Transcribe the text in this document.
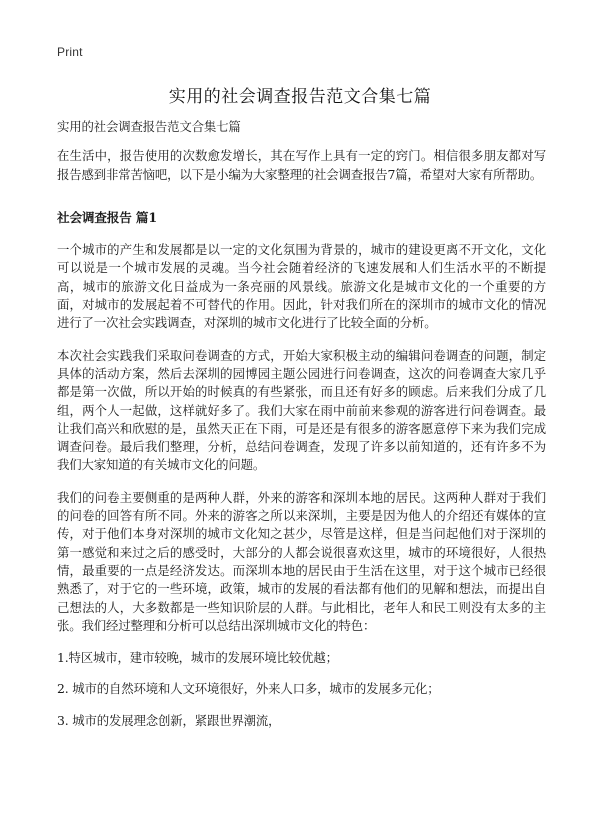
Print
实用的社会调查报告范文合集七篇

实用的社会调查报告范文合集七篇

在生活中，报告使用的次数愈发增长，其在写作上具有一定的窍门。相信很多朋友都对写报告感到非常苦恼吧，以下是小编为大家整理的社会调查报告7篇，希望对大家有所帮助。

社会调查报告 篇1

一个城市的产生和发展都是以一定的文化氛围为背景的，城市的建设更离不开文化，文化可以说是一个城市发展的灵魂。当今社会随着经济的飞速发展和人们生活水平的不断提高，城市的旅游文化日益成为一条亮丽的风景线。旅游文化是城市文化的一个重要的方面，对城市的发展起着不可替代的作用。因此，针对我们所在的深圳市的城市文化的情况进行了一次社会实践调查，对深圳的城市文化进行了比较全面的分析。

本次社会实践我们采取问卷调查的方式，开始大家积极主动的编辑问卷调查的问题，制定具体的活动方案，然后去深圳的园博园主题公园进行问卷调查，这次的问卷调查大家几乎都是第一次做，所以开始的时候真的有些紧张，而且还有好多的顾虑。后来我们分成了几组，两个人一起做，这样就好多了。我们大家在雨中前前来参观的游客进行问卷调查。最让我们高兴和欣慰的是，虽然天正在下雨，可是还是有很多的游客愿意停下来为我们完成调查问卷。最后我们整理，分析，总结问卷调查，发现了许多以前知道的，还有许多不为我们大家知道的有关城市文化的问题。

我们的问卷主要侧重的是两种人群，外来的游客和深圳本地的居民。这两种人群对于我们的问卷的回答有所不同。外来的游客之所以来深圳，主要是因为他人的介绍还有媒体的宣传，对于他们本身对深圳的城市文化知之甚少，尽管是这样，但是当问起他们对于深圳的第一感觉和来过之后的感受时，大部分的人都会说很喜欢这里，城市的环境很好，人很热情，最重要的一点是经济发达。而深圳本地的居民由于生活在这里，对于这个城市已经很熟悉了，对于它的一些环境，政策，城市的发展的看法都有他们的见解和想法，而提出自己想法的人，大多数都是一些知识阶层的人群。与此相比，老年人和民工则没有太多的主张。我们经过整理和分析可以总结出深圳城市文化的特色：

1.特区城市，建市较晚，城市的发展环境比较优越；

2. 城市的自然环境和人文环境很好，外来人口多，城市的发展多元化；

3. 城市的发展理念创新，紧跟世界潮流，
